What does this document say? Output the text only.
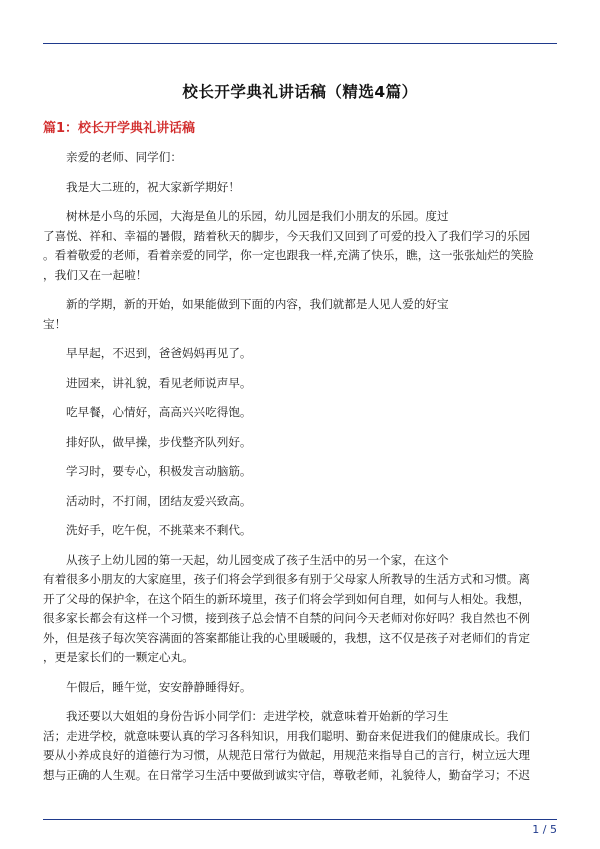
校长开学典礼讲话稿（精选4篇）
篇1：校长开学典礼讲话稿
亲爱的老师、同学们：
我是大二班的，祝大家新学期好！
树林是小鸟的乐园，大海是鱼儿的乐园，幼儿园是我们小朋友的乐园。度过
了喜悦、祥和、幸福的暑假，踏着秋天的脚步，今天我们又回到了可爱的投入了我们学习的乐园
。看着敬爱的老师，看着亲爱的同学，你一定也跟我一样,充满了快乐，瞧，这一张张灿烂的笑脸
，我们又在一起啦！
新的学期，新的开始，如果能做到下面的内容，我们就都是人见人爱的好宝
宝！
早早起，不迟到，爸爸妈妈再见了。
进园来，讲礼貌，看见老师说声早。
吃早餐，心情好，高高兴兴吃得饱。
排好队，做早操，步伐整齐队列好。
学习时，要专心，积极发言动脑筋。
活动时，不打闹，团结友爱兴致高。
洗好手，吃午倪，不挑菜来不剩代。
从孩子上幼儿园的第一天起，幼儿园变成了孩子生活中的另一个家，在这个
有着很多小朋友的大家庭里，孩子们将会学到很多有别于父母家人所教导的生活方式和习惯。离
开了父母的保护伞，在这个陌生的新环境里，孩子们将会学到如何自理，如何与人相处。我想，
很多家长都会有这样一个习惯，接到孩子总会情不自禁的问问今天老师对你好吗？我自然也不例
外，但是孩子每次笑容满面的答案都能让我的心里暖暖的，我想，这不仅是孩子对老师们的肯定
，更是家长们的一颗定心丸。
午假后，睡午觉，安安静静睡得好。
我还要以大姐姐的身份告诉小同学们：走进学校，就意味着开始新的学习生
活；走进学校，就意味要认真的学习各科知识，用我们聪明、勤奋来促进我们的健康成长。我们
要从小养成良好的道德行为习惯，从规范日常行为做起，用规范来指导自己的言行，树立远大理
想与正确的人生观。在日常学习生活中要做到诚实守信，尊敬老师，礼貌待人，勤奋学习；不迟
1 / 5
